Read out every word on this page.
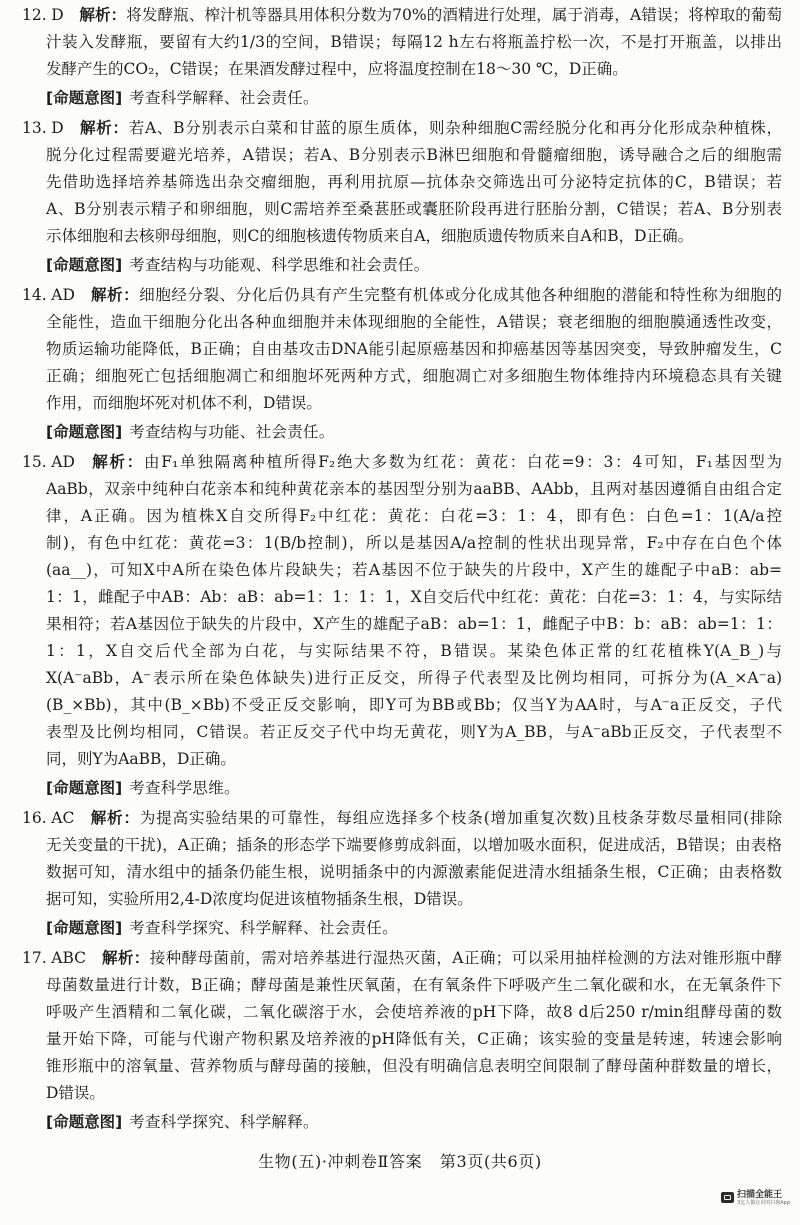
12. D 解析：将发酵瓶、榨汁机等器具用体积分数为70%的酒精进行处理，属于消毒，A错误；将榨取的葡萄
汁装入发酵瓶，要留有大约1/3的空间，B错误；每隔12 h左右将瓶盖拧松一次，不是打开瓶盖，以排出
发酵产生的CO₂，C错误；在果酒发酵过程中，应将温度控制在18～30 ℃，D正确。
[命题意图] 考查科学解释、社会责任。
13. D 解析：若A、B分别表示白菜和甘蓝的原生质体，则杂种细胞C需经脱分化和再分化形成杂种植株，
脱分化过程需要避光培养，A错误；若A、B分别表示B淋巴细胞和骨髓瘤细胞，诱导融合之后的细胞需
先借助选择培养基筛选出杂交瘤细胞，再利用抗原—抗体杂交筛选出可分泌特定抗体的C，B错误；若
A、B分别表示精子和卵细胞，则C需培养至桑葚胚或囊胚阶段再进行胚胎分割，C错误；若A、B分别表
示体细胞和去核卵母细胞，则C的细胞核遗传物质来自A，细胞质遗传物质来自A和B，D正确。
[命题意图] 考查结构与功能观、科学思维和社会责任。
14. AD 解析：细胞经分裂、分化后仍具有产生完整有机体或分化成其他各种细胞的潜能和特性称为细胞的
全能性，造血干细胞分化出各种血细胞并未体现细胞的全能性，A错误；衰老细胞的细胞膜通透性改变，
物质运输功能降低，B正确；自由基攻击DNA能引起原癌基因和抑癌基因等基因突变，导致肿瘤发生，C
正确；细胞死亡包括细胞凋亡和细胞坏死两种方式，细胞凋亡对多细胞生物体维持内环境稳态具有关键
作用，而细胞坏死对机体不利，D错误。
[命题意图] 考查结构与功能、社会责任。
15. AD 解析：由F₁单独隔离种植所得F₂绝大多数为红花：黄花：白花=9：3：4可知，F₁基因型为
AaBb，双亲中纯种白花亲本和纯种黄花亲本的基因型分别为aaBB、AAbb，且两对基因遵循自由组合定
律，A正确。因为植株X自交所得F₂中红花：黄花：白花=3：1：4，即有色：白色=1：1(A/a控
制)，有色中红花：黄花=3：1(B/b控制)，所以是基因A/a控制的性状出现异常，F₂中存在白色个体
(aa__)，可知X中A所在染色体片段缺失；若A基因不位于缺失的片段中，X产生的雄配子中aB：ab=
1：1，雌配子中AB：Ab：aB：ab=1：1：1：1，X自交后代中红花：黄花：白花=3：1：4，与实际结
果相符；若A基因位于缺失的片段中，X产生的雄配子aB：ab=1：1，雌配子中B：b：aB：ab=1：1：
1：1，X自交后代全部为白花，与实际结果不符，B错误。某染色体正常的红花植株Y(A_B_)与
X(A⁻aBb，A⁻表示所在染色体缺失)进行正反交，所得子代表型及比例均相同，可拆分为(A_×A⁻a)
(B_×Bb)，其中(B_×Bb)不受正反交影响，即Y可为BB或Bb；仅当Y为AA时，与A⁻a正反交，子代
表型及比例均相同，C错误。若正反交子代中均无黄花，则Y为A_BB，与A⁻aBb正反交，子代表型不
同，则Y为AaBB，D正确。
[命题意图] 考查科学思维。
16. AC 解析：为提高实验结果的可靠性，每组应选择多个枝条(增加重复次数)且枝条芽数尽量相同(排除
无关变量的干扰)，A正确；插条的形态学下端要修剪成斜面，以增加吸水面积，促进成活，B错误；由表格
数据可知，清水组中的插条仍能生根，说明插条中的内源激素能促进清水组插条生根，C正确；由表格数
据可知，实验所用2,4-D浓度均促进该植物插条生根，D错误。
[命题意图] 考查科学探究、科学解释、社会责任。
17. ABC 解析：接种酵母菌前，需对培养基进行湿热灭菌，A正确；可以采用抽样检测的方法对锥形瓶中酵
母菌数量进行计数，B正确；酵母菌是兼性厌氧菌，在有氧条件下呼吸产生二氧化碳和水，在无氧条件下
呼吸产生酒精和二氧化碳，二氧化碳溶于水，会使培养液的pH下降，故8 d后250 r/min组酵母菌的数
量开始下降，可能与代谢产物积累及培养液的pH降低有关，C正确；该实验的变量是转速，转速会影响
锥形瓶中的溶氧量、营养物质与酵母菌的接触，但没有明确信息表明空间限制了酵母菌种群数量的增长，
D错误。
[命题意图] 考查科学探究、科学解释。
生物(五)·冲刺卷Ⅱ答案 第3页(共6页)
扫描全能王
3亿人都在用的扫描App
